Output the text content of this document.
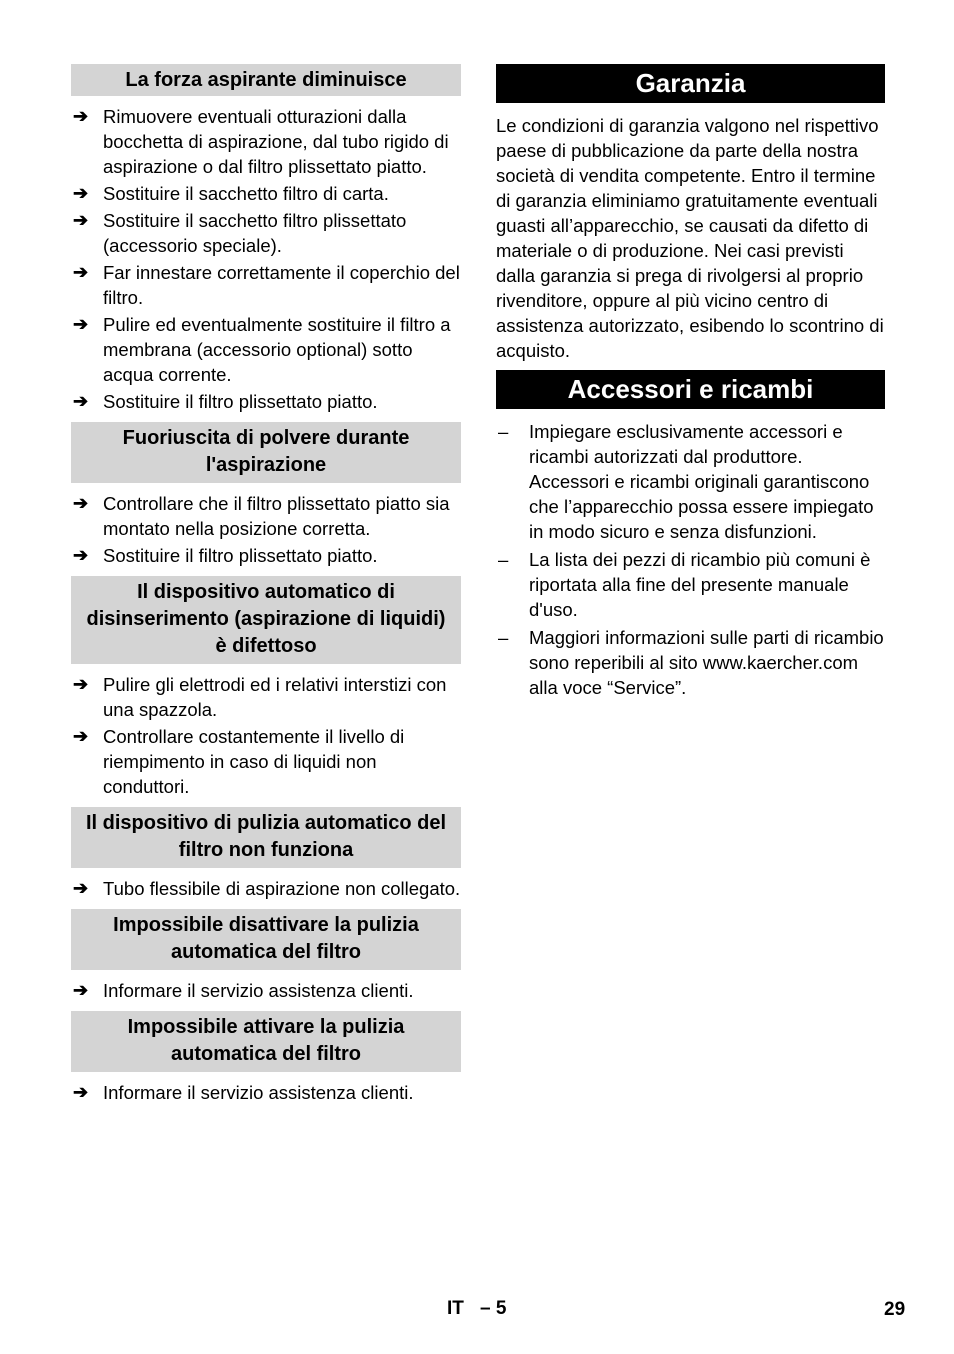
La forza aspirante diminuisce
➔ Rimuovere eventuali otturazioni dalla bocchetta di aspirazione, dal tubo rigido di aspirazione o dal filtro plissettato piatto.
➔ Sostituire il sacchetto filtro di carta.
➔ Sostituire il sacchetto filtro plissettato (accessorio speciale).
➔ Far innestare correttamente il coperchio del filtro.
➔ Pulire ed eventualmente sostituire il filtro a membrana (accessorio optional) sotto acqua corrente.
➔ Sostituire il filtro plissettato piatto.
Fuoriuscita di polvere durante l'aspirazione
➔ Controllare che il filtro plissettato piatto sia montato nella posizione corretta.
➔ Sostituire il filtro plissettato piatto.
Il dispositivo automatico di disinserimento (aspirazione di liquidi) è difettoso
➔ Pulire gli elettrodi ed i relativi interstizi con una spazzola.
➔ Controllare costantemente il livello di riempimento in caso di liquidi non conduttori.
Il dispositivo di pulizia automatico del filtro non funziona
➔ Tubo flessibile di aspirazione non collegato.
Impossibile disattivare la pulizia automatica del filtro
➔ Informare il servizio assistenza clienti.
Impossibile attivare la pulizia automatica del filtro
➔ Informare il servizio assistenza clienti.
Garanzia

Le condizioni di garanzia valgono nel rispettivo paese di pubblicazione da parte della nostra società di vendita competente. Entro il termine di garanzia eliminiamo gratuitamente eventuali guasti all’apparecchio, se causati da difetto di materiale o di produzione. Nei casi previsti dalla garanzia si prega di rivolgersi al proprio rivenditore, oppure al più vicino centro di assistenza autorizzato, esibendo lo scontrino di acquisto.

Accessori e ricambi
– Impiegare esclusivamente accessori e ricambi autorizzati dal produttore. Accessori e ricambi originali garantiscono che l’apparecchio possa essere impiegato in modo sicuro e senza disfunzioni.
– La lista dei pezzi di ricambio più comuni è riportata alla fine del presente manuale d'uso.
– Maggiori informazioni sulle parti di ricambio sono reperibili al sito www.kaercher.com alla voce “Service”.
IT – 5	29
